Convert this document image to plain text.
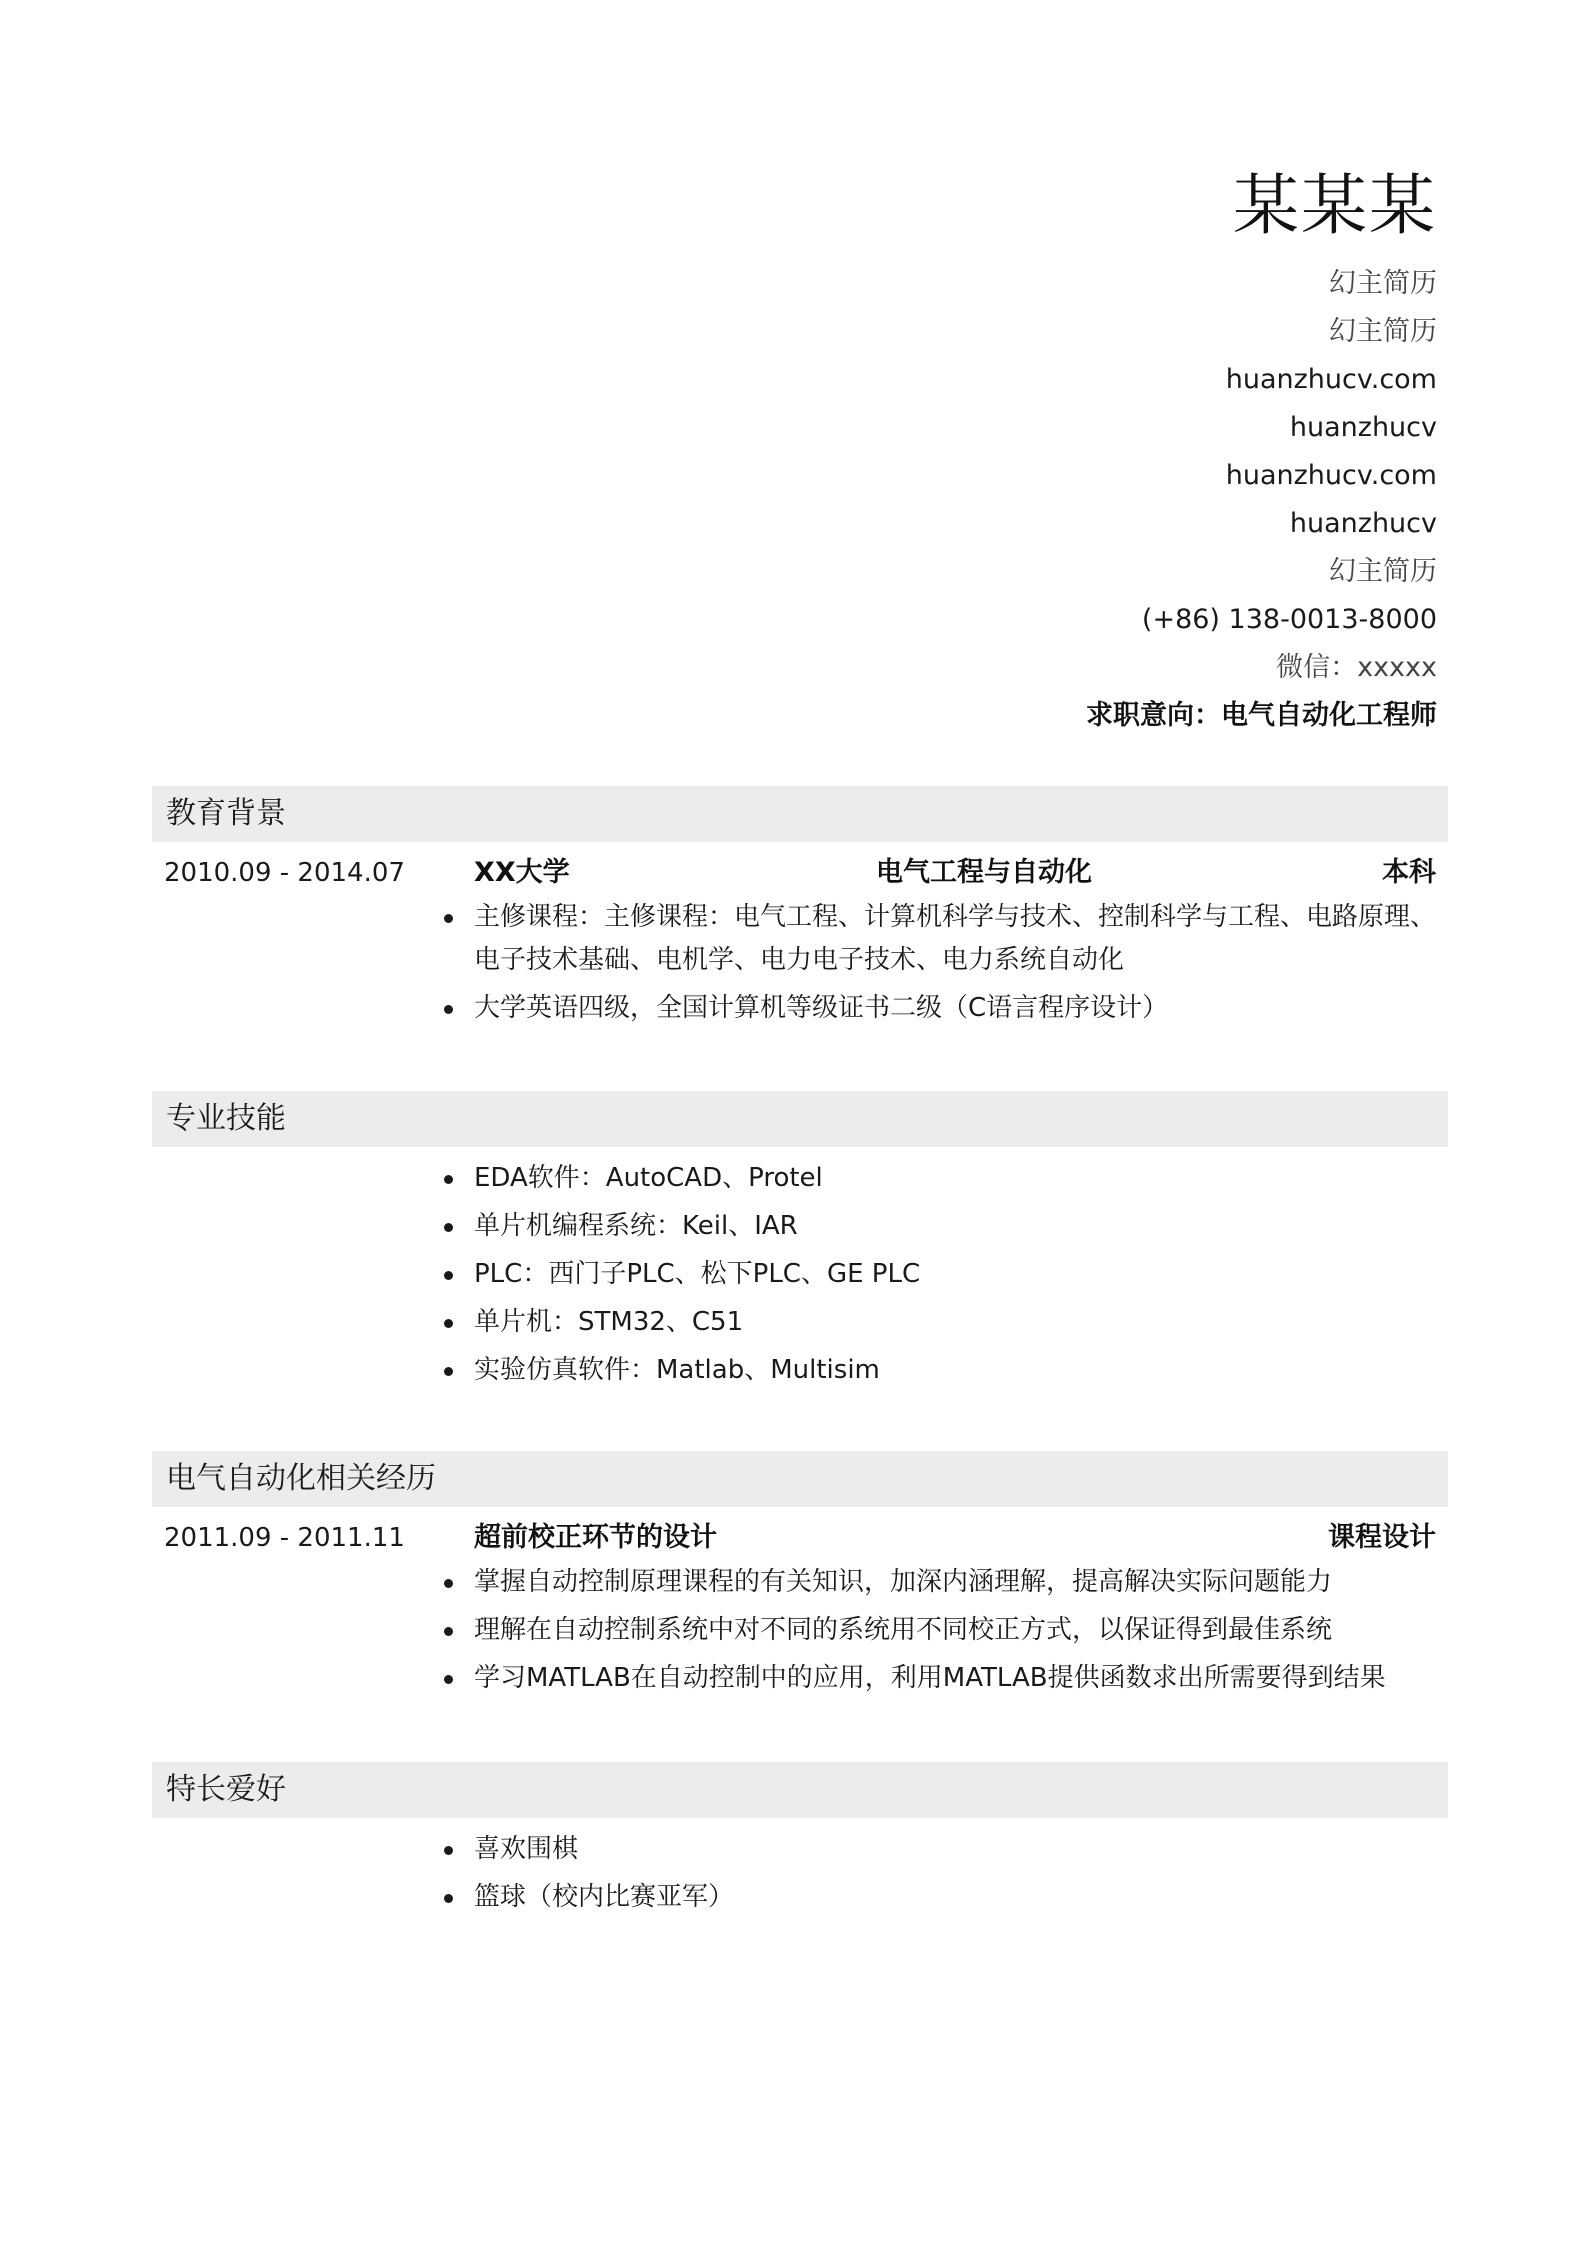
某某某
幻主简历
幻主简历
huanzhucv.com
huanzhucv
huanzhucv.com
huanzhucv
幻主简历
(+86) 138-0013-8000
微信：xxxxx
求职意向：电气自动化工程师
教育背景
2010.09 - 2014.07	XX大学	电气工程与自动化	本科
主修课程：主修课程：电气工程、计算机科学与技术、控制科学与工程、电路原理、电子技术基础、电机学、电力电子技术、电力系统自动化
大学英语四级，全国计算机等级证书二级（C语言程序设计）
专业技能
EDA软件：AutoCAD、Protel
单片机编程系统：Keil、IAR
PLC：西门子PLC、松下PLC、GE PLC
单片机：STM32、C51
实验仿真软件：Matlab、Multisim
电气自动化相关经历
2011.09 - 2011.11	超前校正环节的设计	课程设计
掌握自动控制原理课程的有关知识，加深内涵理解，提高解决实际问题能力
理解在自动控制系统中对不同的系统用不同校正方式，以保证得到最佳系统
学习MATLAB在自动控制中的应用，利用MATLAB提供函数求出所需要得到结果
特长爱好
喜欢围棋
篮球（校内比赛亚军）
